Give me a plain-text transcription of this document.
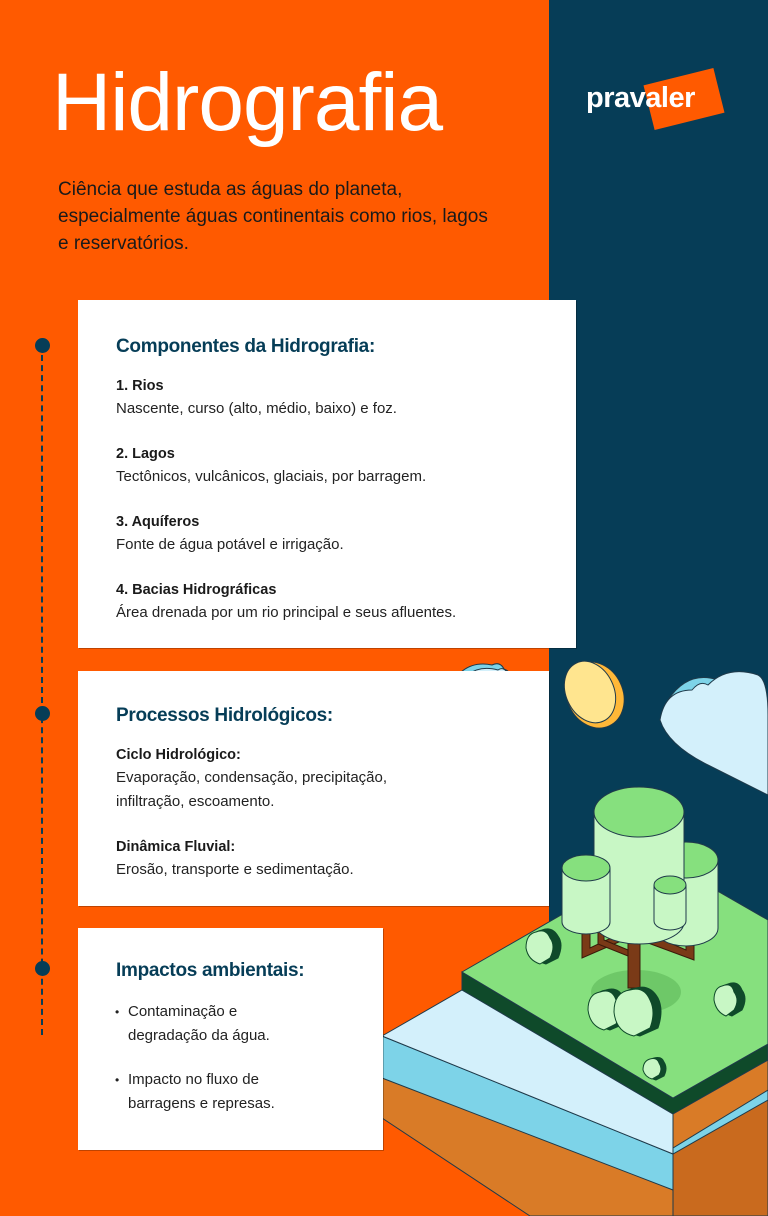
Hidrografia

Ciência que estuda as águas do planeta, especialmente águas continentais como rios, lagos e reservatórios.

pravaler
Componentes da Hidrografia:
1. Rios
Nascente, curso (alto, médio, baixo) e foz.
2. Lagos
Tectônicos, vulcânicos, glaciais, por barragem.
3. Aquíferos
Fonte de água potável e irrigação.
4. Bacias Hidrográficas
Área drenada por um rio principal e seus afluentes.
Processos Hidrológicos:
Ciclo Hidrológico:
Evaporação, condensação, precipitação, infiltração, escoamento.
Dinâmica Fluvial:
Erosão, transporte e sedimentação.
Impactos ambientais:
• Contaminação e degradação da água.
• Impacto no fluxo de barragens e represas.
